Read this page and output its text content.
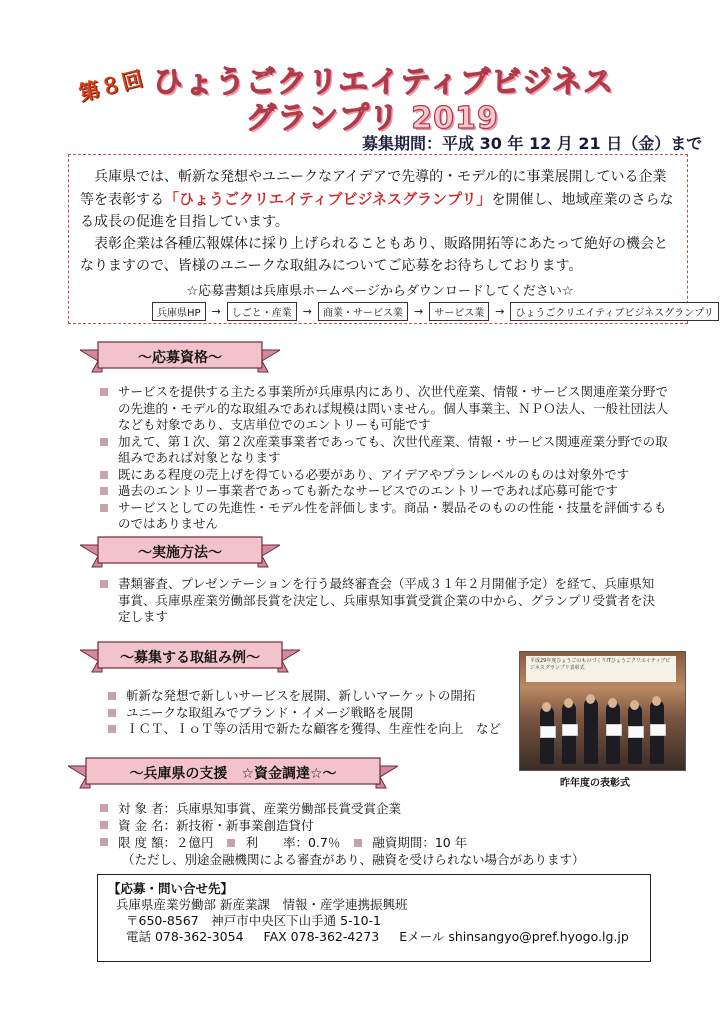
第８回 ひょうごクリエイティブビジネス
グランプリ 2019
募集期間：平成 30 年 12 月 21 日（金）まで

兵庫県では、斬新な発想やユニークなアイデアで先導的・モデル的に事業展開している企業等を表彰する「ひょうごクリエイティブビジネスグランプリ」を開催し、地域産業のさらなる成長の促進を目指しています。

表彰企業は各種広報媒体に採り上げられることもあり、販路開拓等にあたって絶好の機会となりますので、皆様のユニークな取組みについてご応募をお待ちしております。

☆応募書類は兵庫県ホームページからダウンロードしてください☆
兵庫県HP	→	しごと・産業	→	商業・サービス業	→	サービス業	→	ひょうごクリエイティブビジネスグランプリ
～応募資格～
サービスを提供する主たる事業所が兵庫県内にあり、次世代産業、情報・サービス関連産業分野での先進的・モデル的な取組みであれば規模は問いません。個人事業主、ＮＰＯ法人、一般社団法人なども対象であり、支店単位でのエントリーも可能です
加えて、第１次、第２次産業事業者であっても、次世代産業、情報・サービス関連産業分野での取組みであれば対象となります
既にある程度の売上げを得ている必要があり、アイデアやプランレベルのものは対象外です
過去のエントリー事業者であっても新たなサービスでのエントリーであれば応募可能です
サービスとしての先進性・モデル性を評価します。商品・製品そのものの性能・技量を評価するものではありません
～実施方法～
書類審査、プレゼンテーションを行う最終審査会（平成３１年２月開催予定）を経て、兵庫県知事賞、兵庫県産業労働部長賞を決定し、兵庫県知事賞受賞企業の中から、グランプリ受賞者を決定します
～募集する取組み例～
斬新な発想で新しいサービスを展開、新しいマーケットの開拓
ユニークな取組みでブランド・イメージ戦略を展開
ＩＣＴ、ＩｏＴ等の活用で新たな顧客を獲得、生産性を向上　など
平成29年度ひょうごのものづくりITひょうごクリエイティブビジネスグランプリ表彰式
昨年度の表彰式
～兵庫県の支援　☆資金調達☆～
対 象 者：兵庫県知事賞、産業労働部長賞受賞企業
資 金 名：新技術・新事業創造貸付
限 度 額：２億円	利　　率：0.7％	融資期間：10 年
（ただし、別途金融機関による審査があり、融資を受けられない場合があります）
【応募・問い合せ先】
兵庫県産業労働部 新産業課　情報・産学連携振興班
〒650-8567　神戸市中央区下山手通 5-10-1
電話 078-362-3054 FAX 078-362-4273 Eメール shinsangyo@pref.hyogo.lg.jp
